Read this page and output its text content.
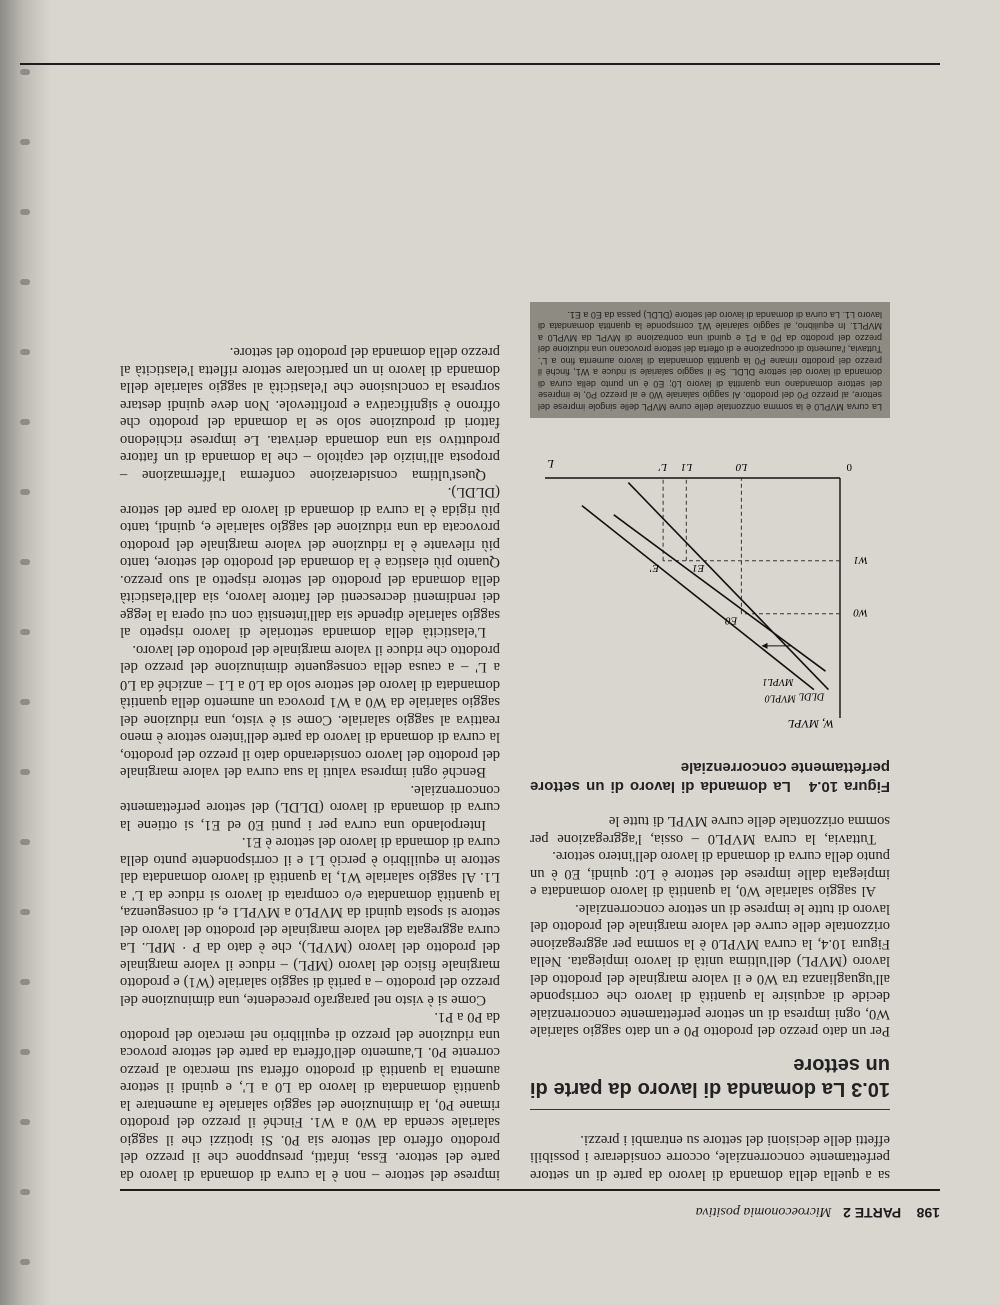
198 PARTE 2 Microeconomia positiva

sa a quella della domanda di lavoro da parte di un settore perfettamente concorrenziale, occorre considerare i possibili effetti delle decisioni del settore su entrambi i prezzi.

10.3 La domanda di lavoro da parte di un settore

Per un dato prezzo del prodotto P0 e un dato saggio salariale W0, ogni impresa di un settore perfettamente concorrenziale decide di acquisire la quantità di lavoro che corrisponde all'uguaglianza tra W0 e il valore marginale del prodotto del lavoro (MVPL) dell'ultima unità di lavoro impiegata. Nella Figura 10.4, la curva MVPL0 è la somma per aggregazione orizzontale delle curve del valore marginale del prodotto del lavoro di tutte le imprese di un settore concorrenziale.

Al saggio salariale W0, la quantità di lavoro domandata e impiegata dalle imprese del settore è L0: quindi, E0 è un punto della curva di domanda di lavoro dell'intero settore.

Tuttavia, la curva MVPL0 – ossia, l'aggregazione per somma orizzontale delle curve MVPL di tutte le

Figura 10.4 La domanda di lavoro di un settore perfettamente concorrenziale
W, MVPL
L	0
W0
W1
L0
L1
L'
DLDL
MVPL0
MVPL1
E0
E1
E'
La curva MVPL0 è la somma orizzontale delle curve MVPL delle singole imprese del settore, al prezzo P0 del prodotto. Al saggio salariale W0 e al prezzo P0, le imprese del settore domandano una quantità di lavoro L0; E0 è un punto della curva di domanda di lavoro del settore DLDL. Se il saggio salariale si riduce a W1, finché il prezzo del prodotto rimane P0 la quantità domandata di lavoro aumenta fino a L'. Tuttavia, l'aumento di occupazione e di offerta del settore provocano una riduzione del prezzo del prodotto da P0 a P1 e quindi una contrazione di MVPL da MVPL0 a MVPL1. In equilibrio, al saggio salariale W1 corrisponde la quantità domandata di lavoro L1. La curva di domanda di lavoro del settore (DLDL) passa da E0 a E1.

imprese del settore – non è la curva di domanda di lavoro da parte del settore. Essa, infatti, presuppone che il prezzo del prodotto offerto dal settore sia P0. Si ipotizzi che il saggio salariale scenda da W0 a W1. Finché il prezzo del prodotto rimane P0, la diminuzione del saggio salariale fa aumentare la quantità domandata di lavoro da L0 a L', e quindi il settore aumenta la quantità di prodotto offerta sul mercato al prezzo corrente P0. L'aumento dell'offerta da parte del settore provoca una riduzione del prezzo di equilibrio nel mercato del prodotto da P0 a P1.

Come si è visto nel paragrafo precedente, una diminuzione del prezzo del prodotto – a parità di saggio salariale (W1) e prodotto marginale fisico del lavoro (MPL) – riduce il valore marginale del prodotto del lavoro (MVPL), che è dato da P · MPL. La curva aggregata del valore marginale del prodotto del lavoro del settore si sposta quindi da MVPL0 a MVPL1 e, di conseguenza, la quantità domandata e/o comprata di lavoro si riduce da L' a L1. Al saggio salariale W1, la quantità di lavoro domandata dal settore in equilibrio è perciò L1 e il corrispondente punto della curva di domanda di lavoro del settore è E1.

Interpolando una curva per i punti E0 ed E1, si ottiene la curva di domanda di lavoro (DLDL) del settore perfettamente concorrenziale.

Benché ogni impresa valuti la sua curva del valore marginale del prodotto del lavoro considerando dato il prezzo del prodotto, la curva di domanda di lavoro da parte dell'intero settore è meno reattiva al saggio salariale. Come si è visto, una riduzione del saggio salariale da W0 a W1 provoca un aumento della quantità domandata di lavoro del settore solo da L0 a L1 – anziché da L0 a L' – a causa della conseguente diminuzione del prezzo del prodotto che riduce il valore marginale del prodotto del lavoro.

L'elasticità della domanda settoriale di lavoro rispetto al saggio salariale dipende sia dall'intensità con cui opera la legge dei rendimenti decrescenti del fattore lavoro, sia dall'elasticità della domanda del prodotto del settore rispetto al suo prezzo. Quanto più elastica è la domanda del prodotto del settore, tanto più rilevante è la riduzione del valore marginale del prodotto provocata da una riduzione del saggio salariale e, quindi, tanto più rigida è la curva di domanda di lavoro da parte del settore (DLDL).

Quest'ultima considerazione conferma l'affermazione – proposta all'inizio del capitolo – che la domanda di un fattore produttivo sia una domanda derivata. Le imprese richiedono fattori di produzione solo se la domanda del prodotto che offrono è significativa e profittevole. Non deve quindi destare sorpresa la conclusione che l'elasticità al saggio salariale della domanda di lavoro in un particolare settore rifletta l'elasticità al prezzo della domanda del prodotto del settore.
